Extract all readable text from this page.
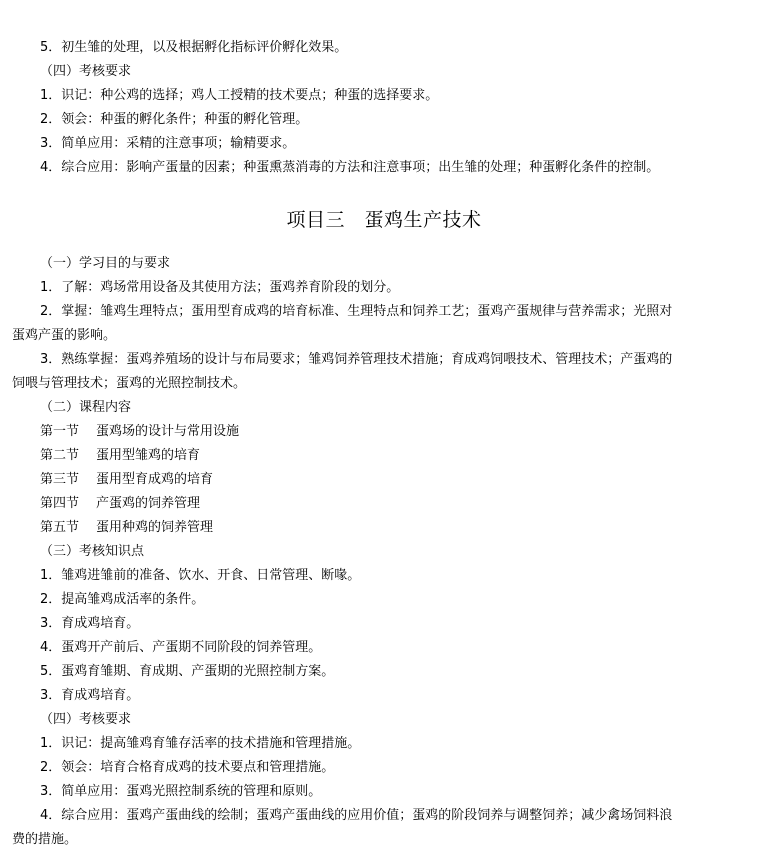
5．初生雏的处理，以及根据孵化指标评价孵化效果。
（四）考核要求
1．识记：种公鸡的选择；鸡人工授精的技术要点；种蛋的选择要求。
2．领会：种蛋的孵化条件；种蛋的孵化管理。
3．简单应用：采精的注意事项；输精要求。
4．综合应用：影响产蛋量的因素；种蛋熏蒸消毒的方法和注意事项；出生雏的处理；种蛋孵化条件的控制。
项目三　蛋鸡生产技术
（一）学习目的与要求
1．了解：鸡场常用设备及其使用方法；蛋鸡养育阶段的划分。
2．掌握：雏鸡生理特点；蛋用型育成鸡的培育标准、生理特点和饲养工艺；蛋鸡产蛋规律与营养需求；光照对
蛋鸡产蛋的影响。
3．熟练掌握：蛋鸡养殖场的设计与布局要求；雏鸡饲养管理技术措施；育成鸡饲喂技术、管理技术；产蛋鸡的
饲喂与管理技术；蛋鸡的光照控制技术。
（二）课程内容
第一节 蛋鸡场的设计与常用设施
第二节 蛋用型雏鸡的培育
第三节 蛋用型育成鸡的培育
第四节 产蛋鸡的饲养管理
第五节 蛋用种鸡的饲养管理
（三）考核知识点
1．雏鸡进雏前的准备、饮水、开食、日常管理、断喙。
2．提高雏鸡成活率的条件。
3．育成鸡培育。
4．蛋鸡开产前后、产蛋期不同阶段的饲养管理。
5．蛋鸡育雏期、育成期、产蛋期的光照控制方案。
3．育成鸡培育。
（四）考核要求
1．识记：提高雏鸡育雏存活率的技术措施和管理措施。
2．领会：培育合格育成鸡的技术要点和管理措施。
3．简单应用：蛋鸡光照控制系统的管理和原则。
4．综合应用：蛋鸡产蛋曲线的绘制；蛋鸡产蛋曲线的应用价值；蛋鸡的阶段饲养与调整饲养；减少禽场饲料浪
费的措施。
